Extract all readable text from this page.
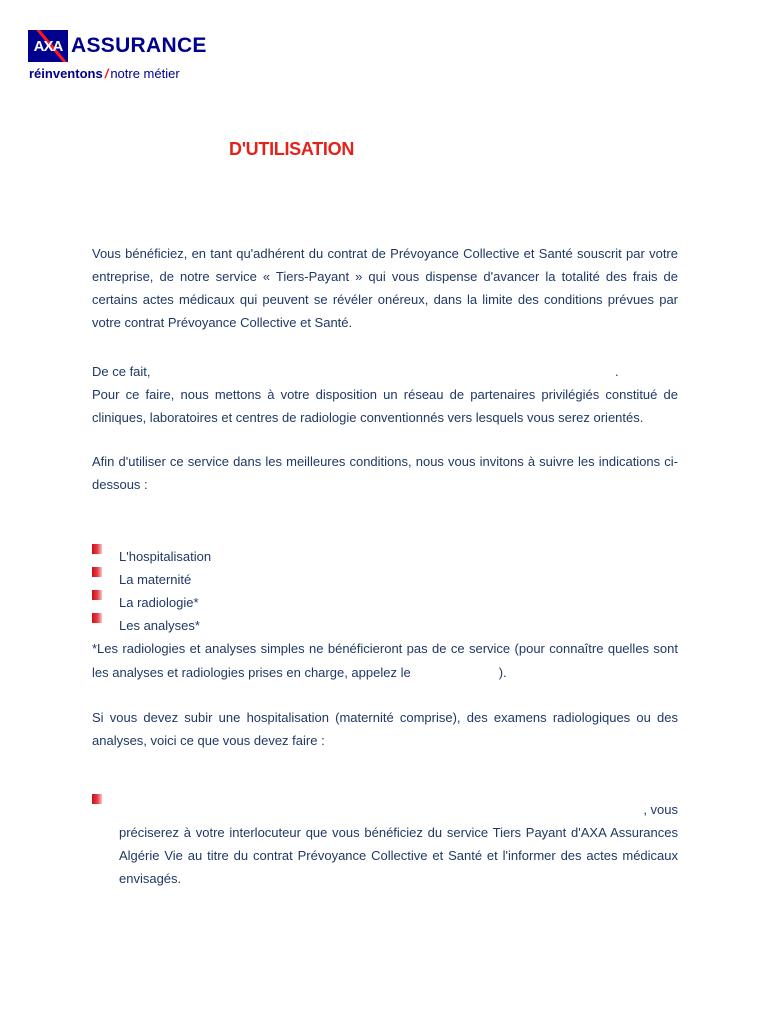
AXA ASSURANCE
réinventons / notre métier
D'UTILISATION
Vous bénéficiez, en tant qu'adhérent du contrat de Prévoyance Collective et Santé souscrit par votre entreprise, de notre service « Tiers-Payant » qui vous dispense d'avancer la totalité des frais de certains actes médicaux qui peuvent se révéler onéreux, dans la limite des conditions prévues par votre contrat Prévoyance Collective et Santé.
De ce fait,	.
Pour ce faire, nous mettons à votre disposition un réseau de partenaires privilégiés constitué de cliniques, laboratoires et centres de radiologie conventionnés vers lesquels vous serez orientés.
Afin d'utiliser ce service dans les meilleures conditions, nous vous invitons à suivre les indications ci-dessous :
L'hospitalisation
La maternité
La radiologie*
Les analyses*
*Les radiologies et analyses simples ne bénéficieront pas de ce service (pour connaître quelles sont les analyses et radiologies prises en charge, appelez le	).
Si vous devez subir une hospitalisation (maternité comprise), des examens radiologiques ou des analyses, voici ce que vous devez faire :
, vous
préciserez à votre interlocuteur que vous bénéficiez du service Tiers Payant d'AXA Assurances Algérie Vie au titre du contrat Prévoyance Collective et Santé et l'informer des actes médicaux envisagés.
